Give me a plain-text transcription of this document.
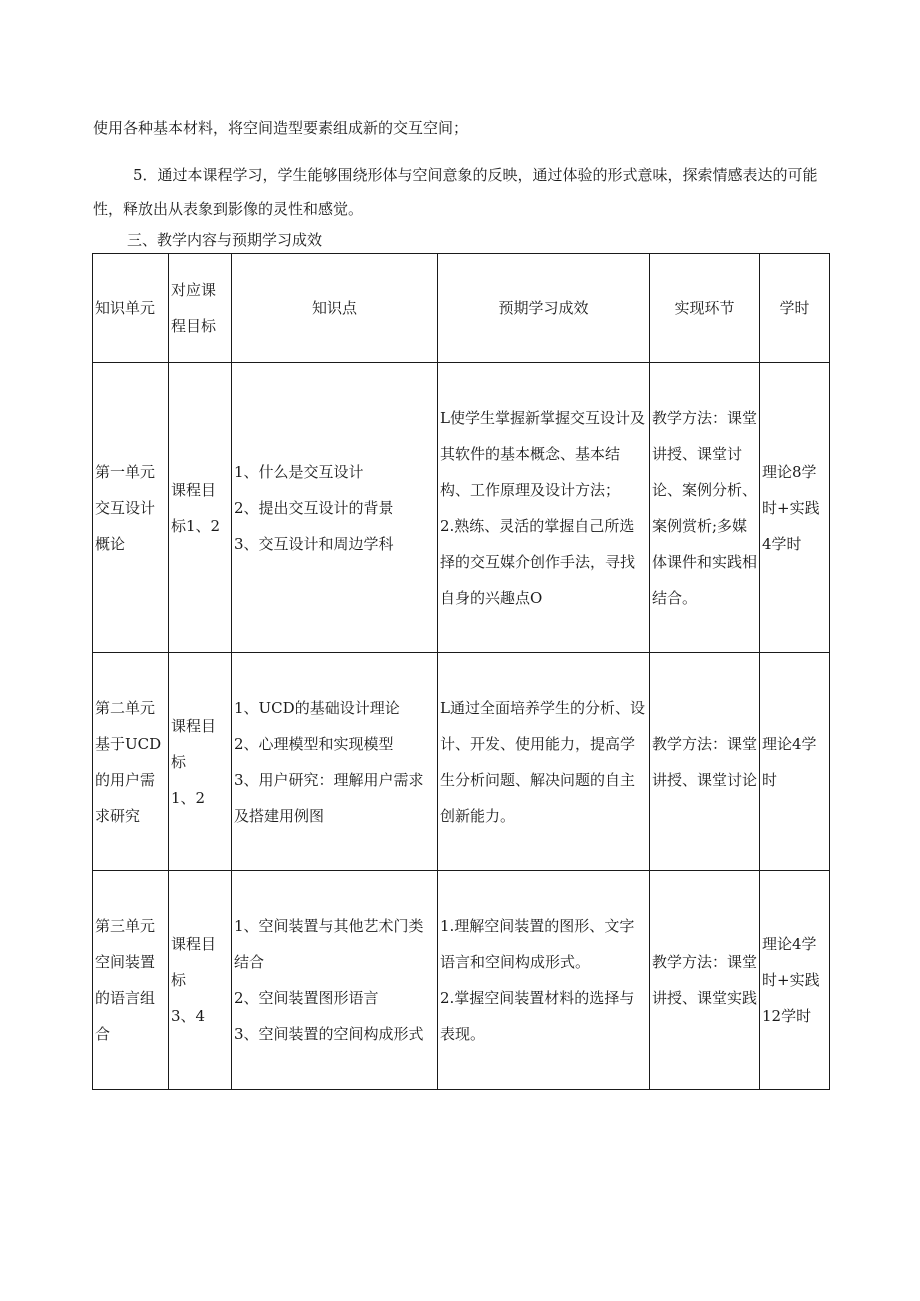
使用各种基本材料，将空间造型要素组成新的交互空间；

5．通过本课程学习，学生能够围绕形体与空间意象的反映，通过体验的形式意味，探索情感表达的可能性，释放出从表象到影像的灵性和感觉。

三、教学内容与预期学习成效

知识单元	对应课程目标	知识点	预期学习成效	实现环节	学时
第一单元交互设计概论	课程目标1、2	1、什么是交互设计
2、提出交互设计的背景
3、交互设计和周边学科	L使学生掌握新掌握交互设计及其软件的基本概念、基本结构、工作原理及设计方法；
2.熟练、灵活的掌握自己所选择的交互媒介创作手法，寻找自身的兴趣点O	教学方法：课堂讲授、课堂讨论、案例分析、案例赏析;多媒体课件和实践相结合。	理论8学时+实践4学时
第二单元基于UCD的用户需求研究	课程目标
1、2	1、UCD的基础设计理论
2、心理模型和实现模型
3、用户研究：理解用户需求及搭建用例图	L通过全面培养学生的分析、设计、开发、使用能力，提高学生分析问题、解决问题的自主创新能力。	教学方法：课堂讲授、课堂讨论	理论4学时
第三单元空间装置的语言组合	课程目标
3、4	1、空间装置与其他艺术门类结合
2、空间装置图形语言
3、空间装置的空间构成形式	1.理解空间装置的图形、文字语言和空间构成形式。
2.掌握空间装置材料的选择与表现。	教学方法：课堂讲授、课堂实践	理论4学时+实践12学时
